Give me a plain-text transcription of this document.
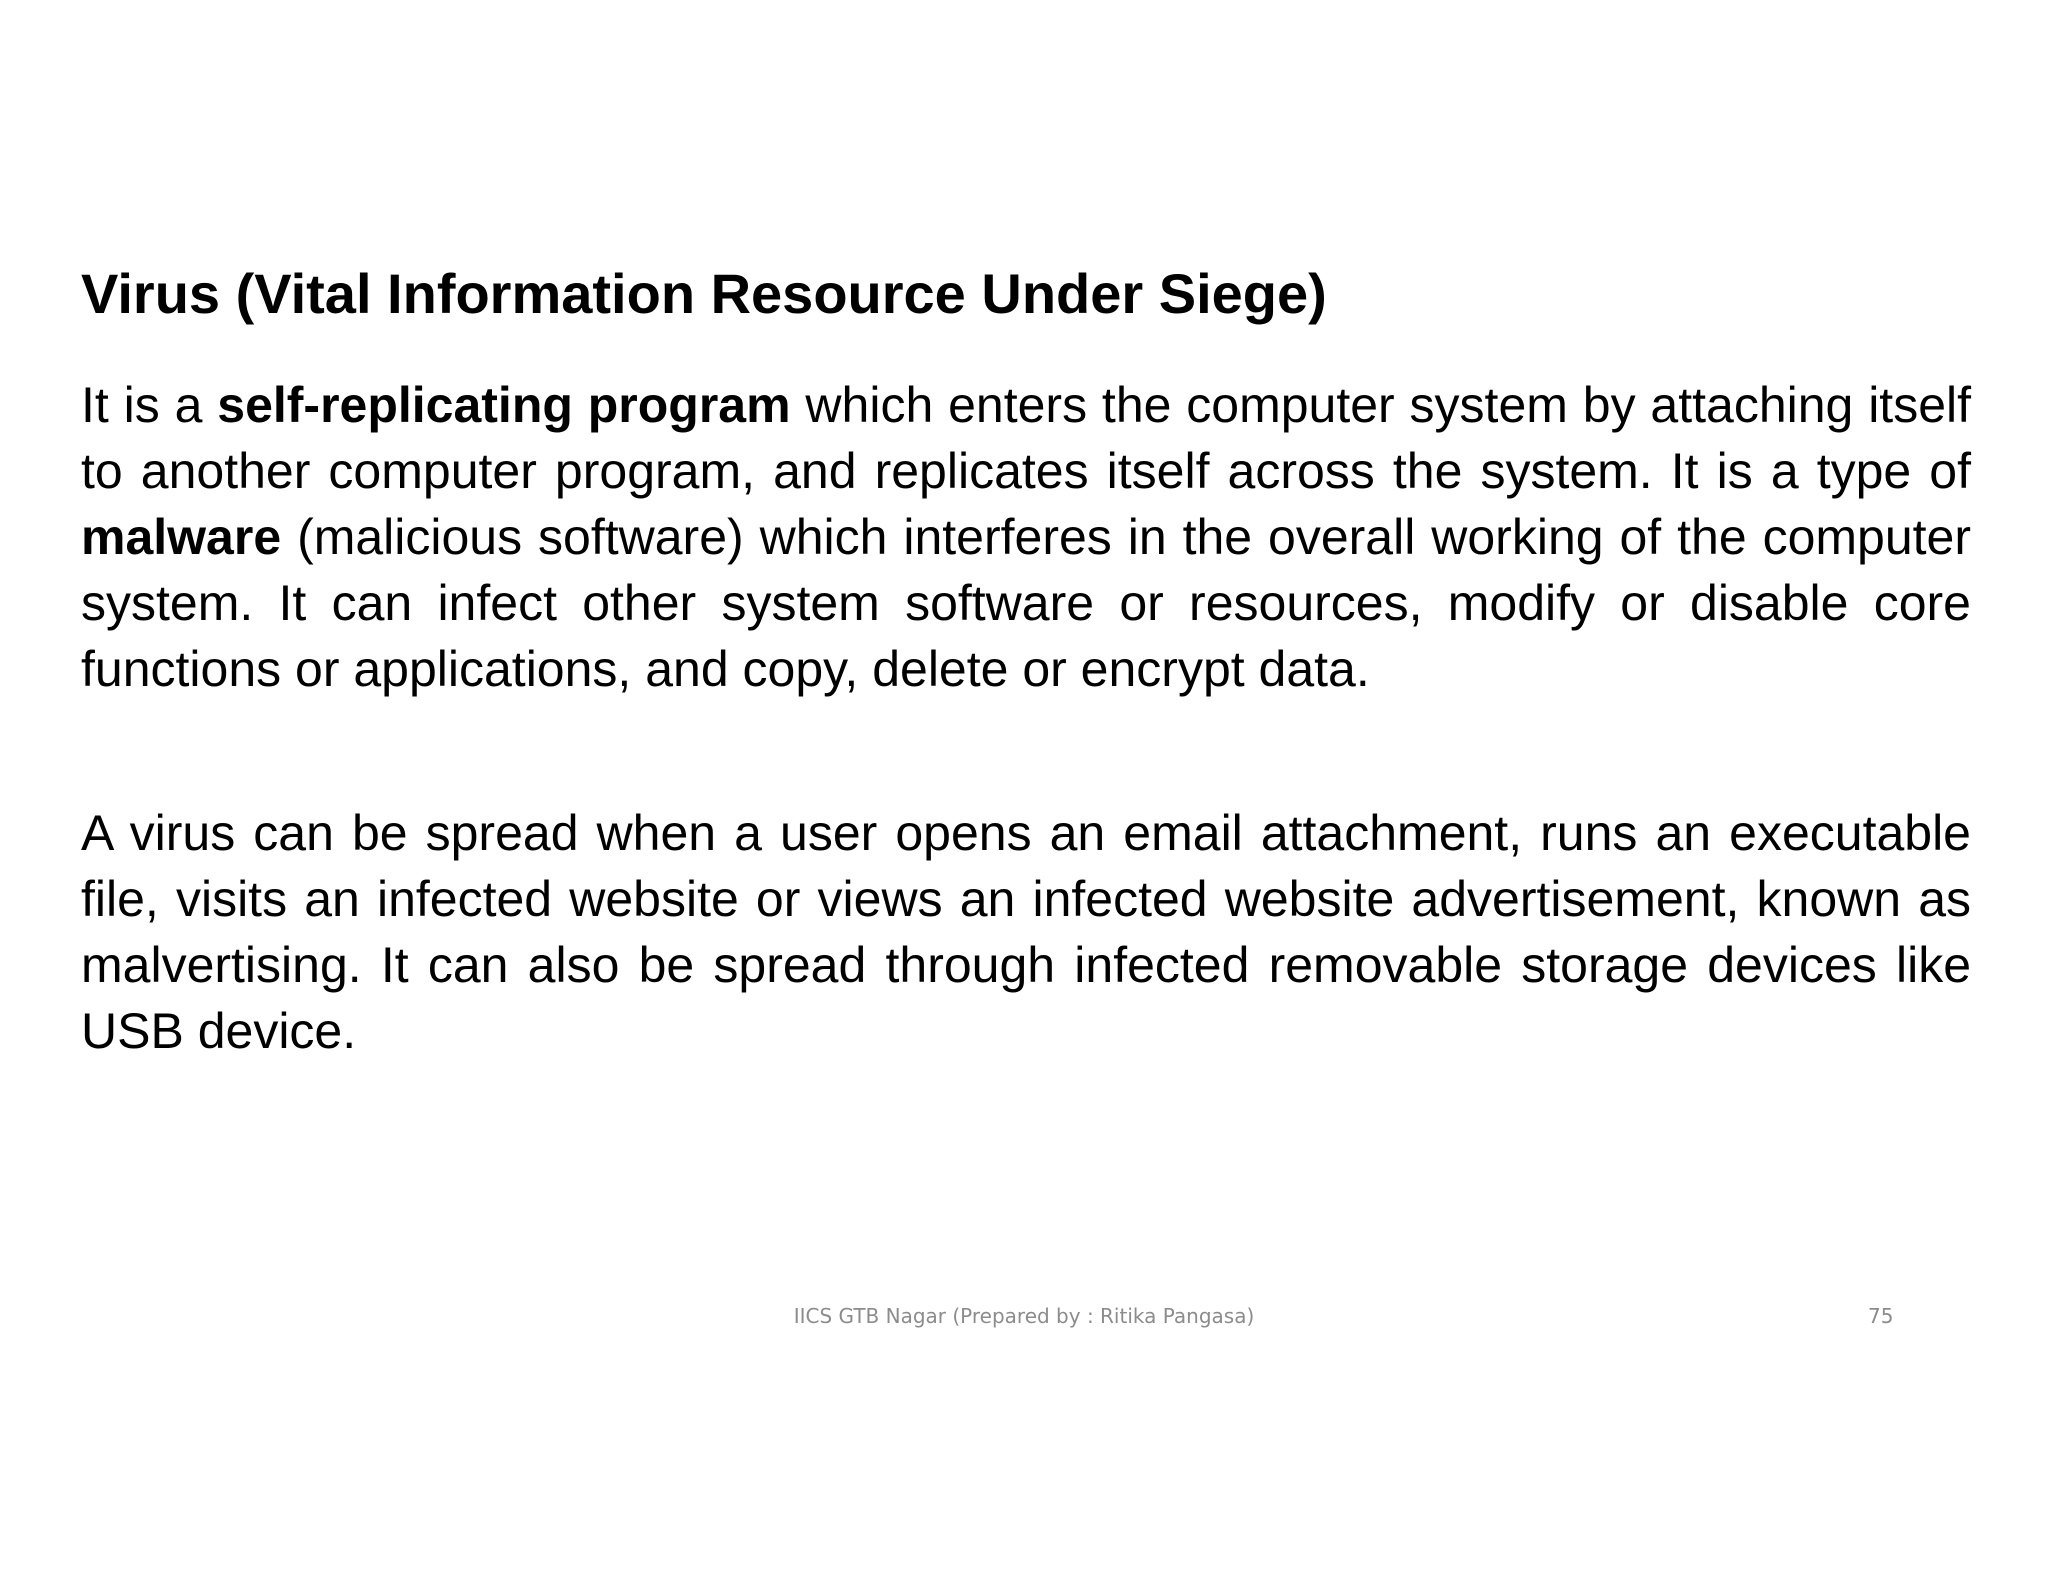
Virus (Vital Information Resource Under Siege)

It is a self-replicating program which enters the computer system by attaching itself to another computer program, and replicates itself across the system. It is a type of malware (malicious software) which interferes in the overall working of the computer system. It can infect other system software or resources, modify or disable core functions or applications, and copy, delete or encrypt data.

A virus can be spread when a user opens an email attachment, runs an executable file, visits an infected website or views an infected website advertisement, known as malvertising. It can also be spread through infected removable storage devices like USB device.

IICS GTB Nagar (Prepared by : Ritika Pangasa)	75
